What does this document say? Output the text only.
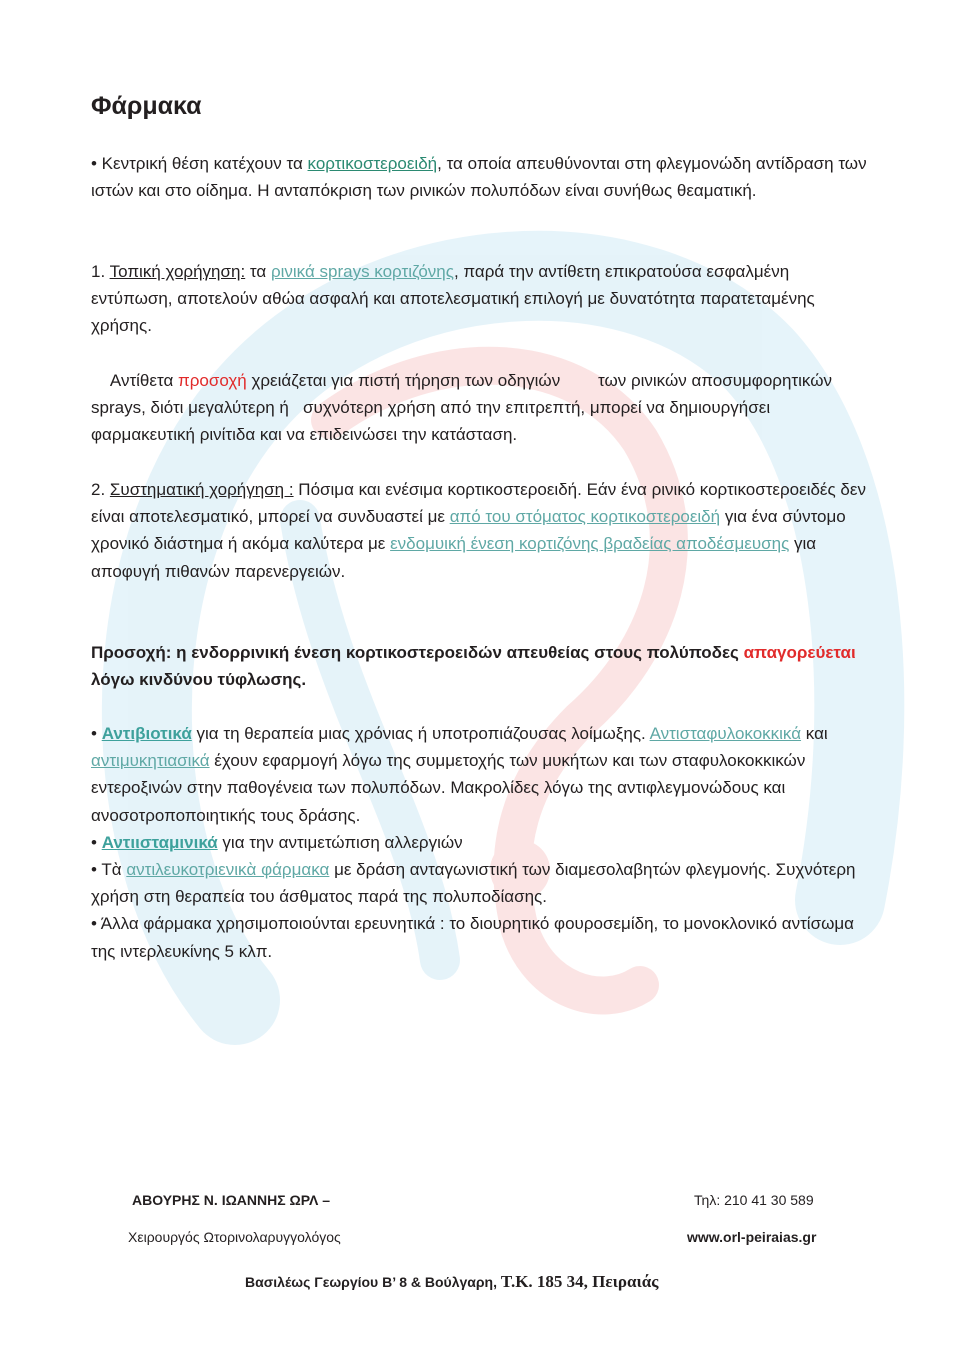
Φάρμακα

• Κεντρική θέση κατέχουν τα κορτικοστεροειδή, τα οποία απευθύνονται στη φλεγμονώδη αντίδραση των ιστών και στο οίδημα. Η ανταπόκριση των ρινικών πολυπόδων είναι συνήθως θεαματική.

1. Τοπική χορήγηση: τα ρινικά sprays κορτιζόνης, παρά την αντίθετη επικρατούσα εσφαλμένη εντύπωση, αποτελούν αθώα ασφαλή και αποτελεσματική επιλογή με δυνατότητα παρατεταμένης χρήσης.

Αντίθετα προσοχή χρειάζεται για πιστή τήρηση των οδηγιών        των ρινικών αποσυμφορητικών sprays, διότι μεγαλύτερη ή   συχνότερη χρήση από την επιτρεπτή, μπορεί να δημιουργήσει     φαρμακευτική ρινίτιδα και να επιδεινώσει την κατάσταση.

2. Συστηματική χορήγηση : Πόσιμα και ενέσιμα κορτικοστεροειδή. Εάν ένα ρινικό κορτικοστεροειδές δεν είναι αποτελεσματικό, μπορεί να συνδυαστεί με από του στόματος κορτικοστεροειδή για ένα σύντομο χρονικό διάστημα ή ακόμα καλύτερα με ενδομυική ένεση κορτιζόνης βραδείας αποδέσμευσης για αποφυγή πιθανών παρενεργειών.

Προσοχή: η ενδορρινική ένεση κορτικοστεροειδών απευθείας στους πολύποδες απαγορεύεται λόγω κινδύνου τύφλωσης.

• Αντιβιοτικά για τη θεραπεία μιας χρόνιας ή υποτροπιάζουσας λοίμωξης. Αντισταφυλοκοκκικά και αντιμυκητιασικά έχουν εφαρμογή λόγω της συμμετοχής των μυκήτων και των σταφυλοκοκκικών εντεροξινών στην παθογένεια των πολυπόδων. Μακρολίδες λόγω της αντιφλεγμονώδους και ανοσοτροποποιητικής τους δράσης.
• Αντιισταμινικά για την αντιμετώπιση αλλεργιών
• Τὰ αντιλευκοτριενικὰ φάρμακα με δράση ανταγωνιστική των διαμεσολαβητών φλεγμονής. Συχνότερη χρήση στη θεραπεία του άσθματος παρά της πολυποδίασης.
• Άλλα φάρμακα χρησιμοποιούνται ερευνητικά : το διουρητικό φουροσεμίδη, το μονοκλονικό αντίσωμα της ιντερλευκίνης 5 κλπ.

ΑΒΟΥΡΗΣ Ν. ΙΩΑΝΝΗΣ ΩΡΛ –	Τηλ: 210 41 30 589
Χειρουργός Ωτορινολαρυγγολόγος	www.orl-peiraias.gr
Βασιλέως Γεωργίου Β’ 8 & Βούλγαρη, Τ.Κ. 185 34, Πειραιάς
